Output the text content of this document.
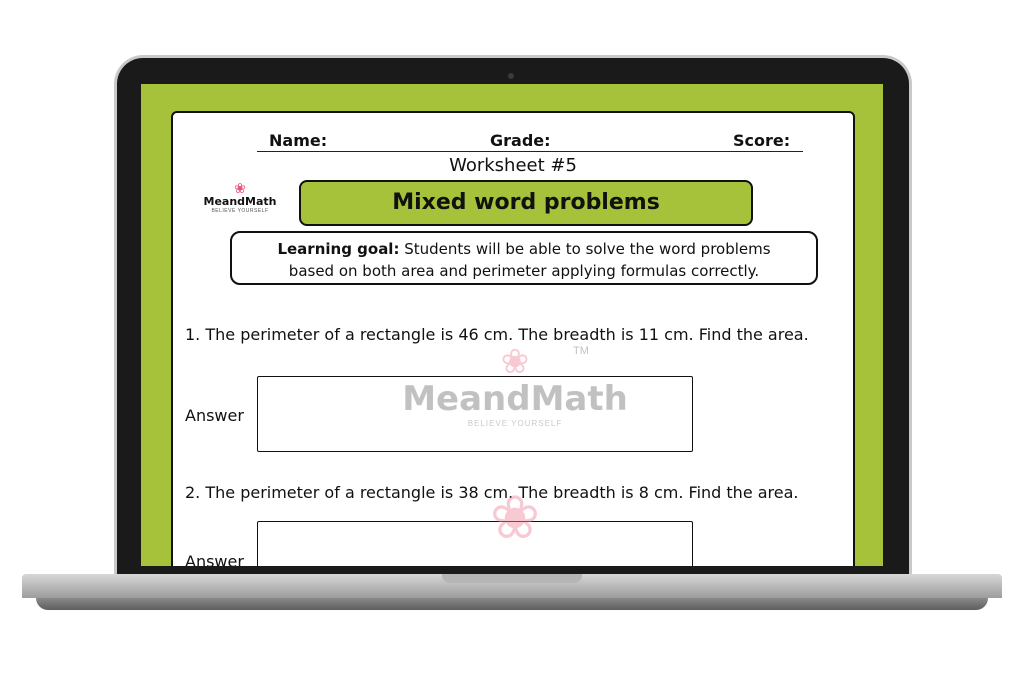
Name:	Grade:	Score:
Worksheet #5
❀
MeandMath
BELIEVE YOURSELF	Mixed word problems
Learning goal: Students will be able to solve the word problems
based on both area and perimeter applying formulas correctly.
1. The perimeter of a rectangle is 46 cm. The breadth is 11 cm. Find the area.
Answer
2. The perimeter of a rectangle is 38 cm. The breadth is 8 cm. Find the area.
Answer
❀
MeandMath
BELIEVE YOURSELF
TM
❀
